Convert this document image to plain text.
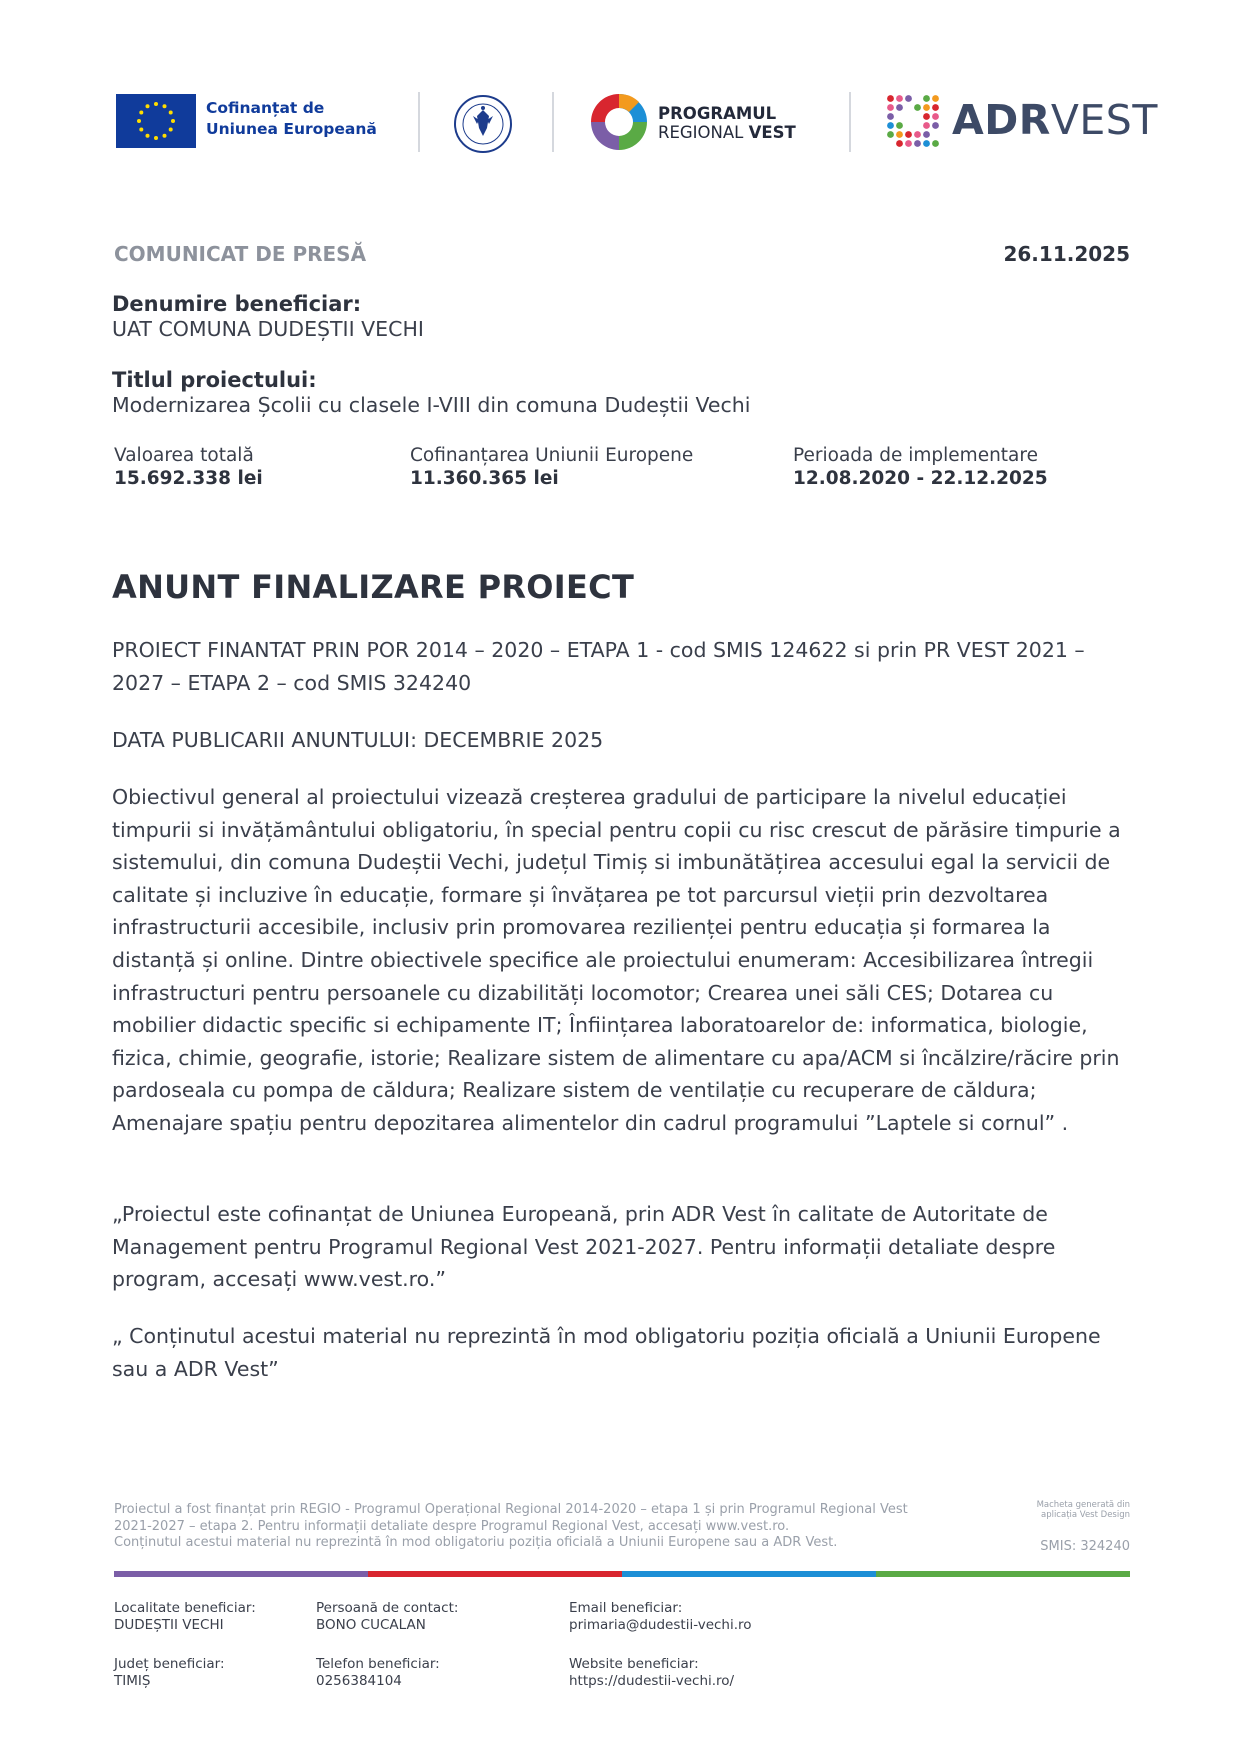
Cofinanțat de
Uniunea Europeană
PROGRAMUL
REGIONAL VEST	ADRVEST
COMUNICAT DE PRESĂ	26.11.2025
Denumire beneficiar:
UAT COMUNA DUDEȘTII VECHI
Titlul proiectului:
Modernizarea Școlii cu clasele I-VIII din comuna Dudeștii Vechi
Valoarea totală
15.692.338 lei
Cofinanțarea Uniunii Europene
11.360.365 lei
Perioada de implementare
12.08.2020 - 22.12.2025
ANUNT FINALIZARE PROIECT

PROIECT FINANTAT PRIN POR 2014 – 2020 – ETAPA 1 - cod SMIS 124622 si prin PR VEST 2021 – 2027 – ETAPA 2 – cod SMIS 324240

DATA PUBLICARII ANUNTULUI: DECEMBRIE 2025

Obiectivul general al proiectului vizează creșterea gradului de participare la nivelul educației timpurii si invățământului obligatoriu, în special pentru copii cu risc crescut de părăsire timpurie a sistemului, din comuna Dudeștii Vechi, județul Timiș si imbunătățirea accesului egal la servicii de calitate și incluzive în educație, formare și învățarea pe tot parcursul vieții prin dezvoltarea infrastructurii accesibile, inclusiv prin promovarea rezilienței pentru educația și formarea la distanță și online. Dintre obiectivele specifice ale proiectului enumeram: Accesibilizarea întregii infrastructuri pentru persoanele cu dizabilități locomotor; Crearea unei săli CES; Dotarea cu mobilier didactic specific si echipamente IT; Înființarea laboratoarelor de: informatica, biologie, fizica, chimie, geografie, istorie; Realizare sistem de alimentare cu apa/ACM si încălzire/răcire prin pardoseala cu pompa de căldura; Realizare sistem de ventilație cu recuperare de căldura; Amenajare spațiu pentru depozitarea alimentelor din cadrul programului ”Laptele si cornul” .

„Proiectul este cofinanțat de Uniunea Europeană, prin ADR Vest în calitate de Autoritate de Management pentru Programul Regional Vest 2021-2027. Pentru informații detaliate despre program, accesați www.vest.ro.”

„ Conținutul acestui material nu reprezintă în mod obligatoriu poziția oficială a Uniunii Europene sau a ADR Vest”

Proiectul a fost finanțat prin REGIO - Programul Operațional Regional 2014-2020 – etapa 1 și prin Programul Regional Vest
2021-2027 – etapa 2. Pentru informații detaliate despre Programul Regional Vest, accesați www.vest.ro.
Conținutul acestui material nu reprezintă în mod obligatoriu poziția oficială a Uniunii Europene sau a ADR Vest.
Macheta generată din
aplicația Vest Design
SMIS: 324240
Localitate beneficiar:
DUDEȘTII VECHI
Persoană de contact:
BONO CUCALAN
Email beneficiar:
primaria@dudestii-vechi.ro
Județ beneficiar:
TIMIȘ
Telefon beneficiar:
0256384104
Website beneficiar:
https://dudestii-vechi.ro/
